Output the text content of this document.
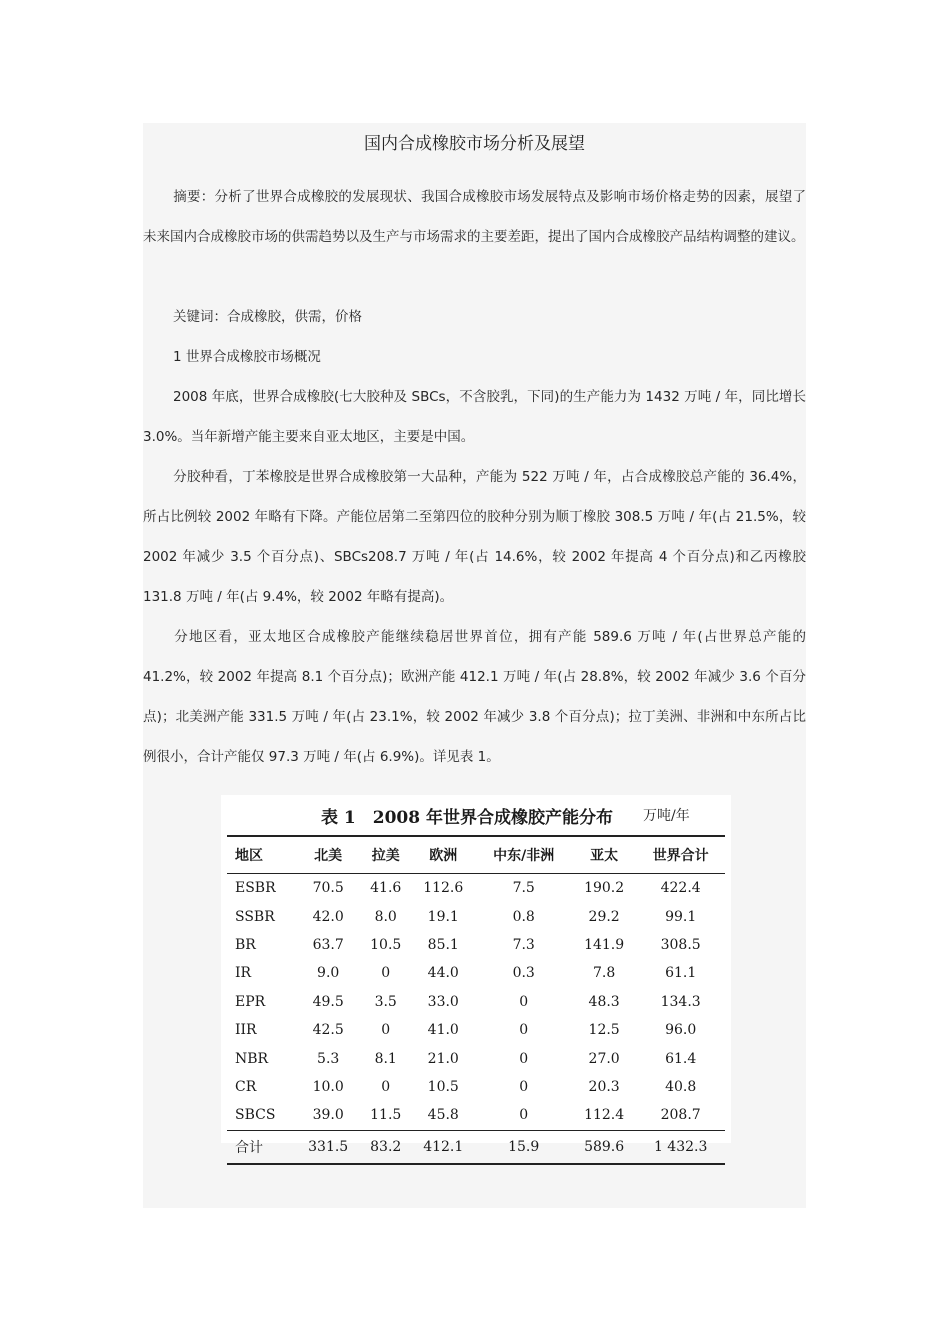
国内合成橡胶市场分析及展望
摘要：分析了世界合成橡胶的发展现状、我国合成橡胶市场发展特点及影响市场价格走势的因素，展望了未来国内合成橡胶市场的供需趋势以及生产与市场需求的主要差距，提出了国内合成橡胶产品结构调整的建议。
关键词：合成橡胶，供需，价格
1 世界合成橡胶市场概况
2008 年底，世界合成橡胶(七大胶种及 SBCs，不含胶乳，下同)的生产能力为 1432 万吨 / 年，同比增长 3.0%。当年新增产能主要来自亚太地区，主要是中国。
分胶种看，丁苯橡胶是世界合成橡胶第一大品种，产能为 522 万吨 / 年，占合成橡胶总产能的 36.4%，所占比例较 2002 年略有下降。产能位居第二至第四位的胶种分别为顺丁橡胶 308.5 万吨 / 年(占 21.5%，较 2002 年减少 3.5 个百分点)、SBCs208.7 万吨 / 年(占 14.6%，较 2002 年提高 4 个百分点)和乙丙橡胶 131.8 万吨 / 年(占 9.4%，较 2002 年略有提高)。
分地区看，亚太地区合成橡胶产能继续稳居世界首位，拥有产能 589.6 万吨 / 年(占世界总产能的 41.2%，较 2002 年提高 8.1 个百分点)；欧洲产能 412.1 万吨 / 年(占 28.8%，较 2002 年减少 3.6 个百分点)；北美洲产能 331.5 万吨 / 年(占 23.1%，较 2002 年减少 3.8 个百分点)；拉丁美洲、非洲和中东所占比例很小，合计产能仅 97.3 万吨 / 年(占 6.9%)。详见表 1。
表 1　2008 年世界合成橡胶产能分布 万吨/年
地区	北美	拉美	欧洲	中东/非洲	亚太	世界合计
ESBR	70.5	41.6	112.6	7.5	190.2	422.4
SSBR	42.0	8.0	19.1	0.8	29.2	99.1
BR	63.7	10.5	85.1	7.3	141.9	308.5
IR	9.0	0	44.0	0.3	7.8	61.1
EPR	49.5	3.5	33.0	0	48.3	134.3
IIR	42.5	0	41.0	0	12.5	96.0
NBR	5.3	8.1	21.0	0	27.0	61.4
CR	10.0	0	10.5	0	20.3	40.8
SBCS	39.0	11.5	45.8	0	112.4	208.7
合计	331.5	83.2	412.1	15.9	589.6	1 432.3
